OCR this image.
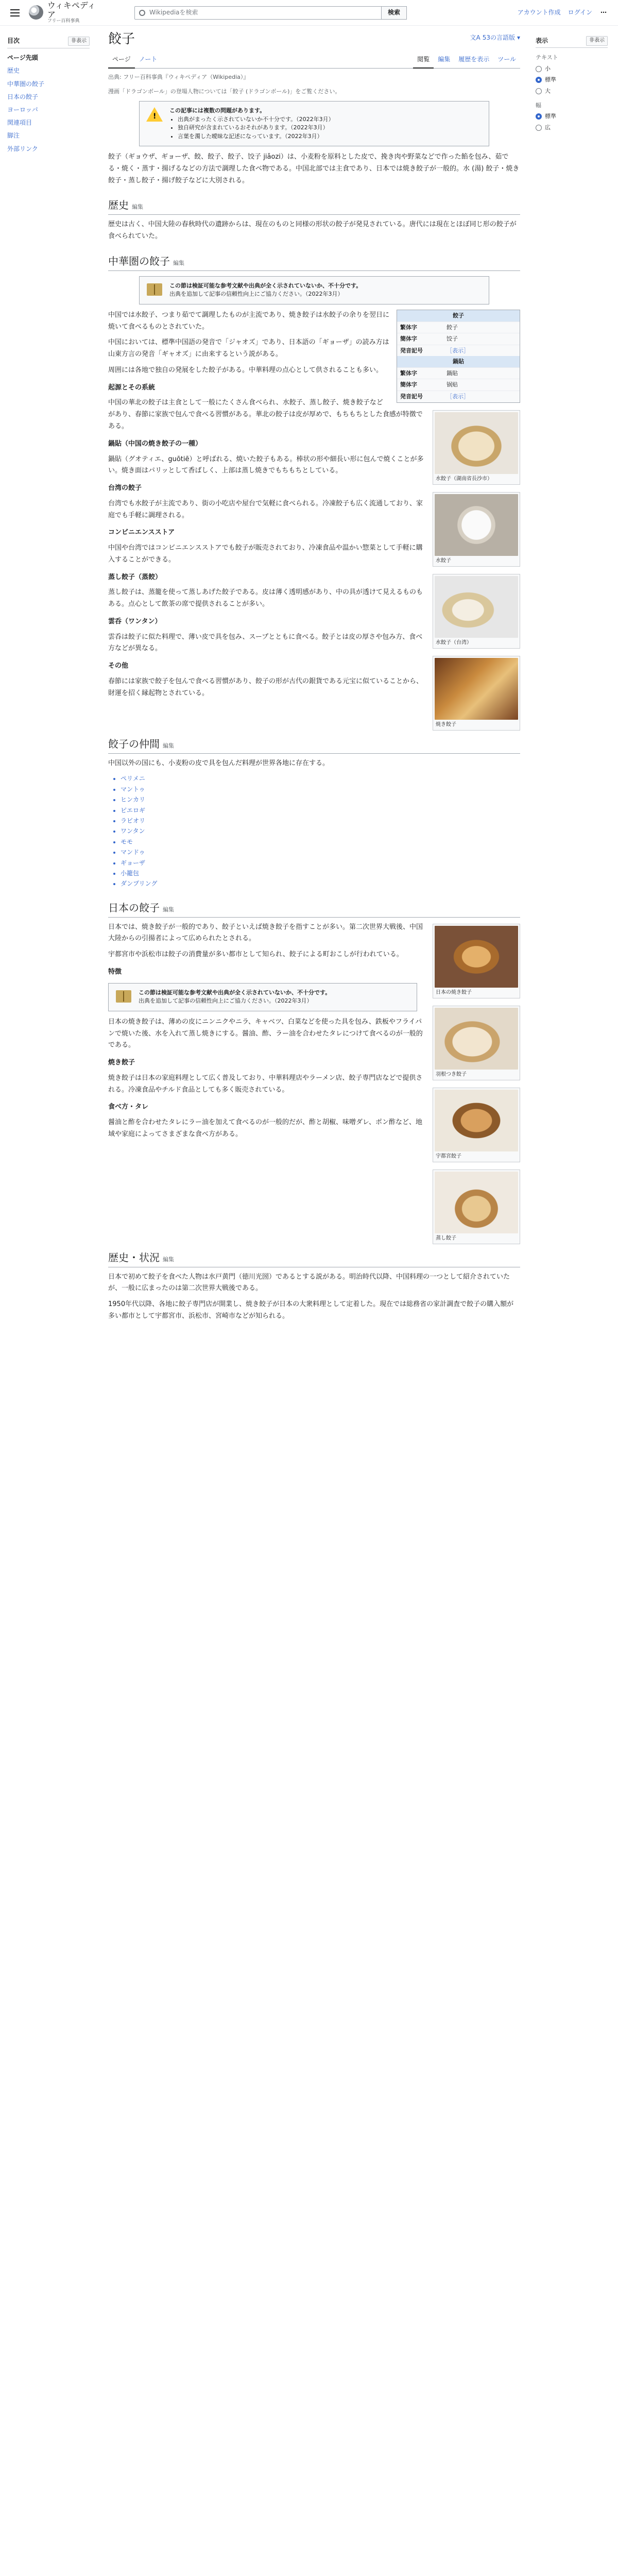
ウィキペディア
フリー百科事典
Wikipediaを検索	検索	アカウント作成 ログイン ⋯
目次	非表示
ページ先頭
歴史
中華圏の餃子
日本の餃子
ヨーロッパ
関連項目
脚注
外部リンク
餃子	文A 53の言語版 ▾
ページ	ノート	閲覧	編集	履歴を表示	ツール
出典: フリー百科事典『ウィキペディア（Wikipedia）』
漫画「ドラゴンボール」の登場人物については「餃子 (ドラゴンボール)」をご覧ください。
!
この記事には複数の問題があります。
• 出典がまったく示されていないか不十分です。（2022年3月）
• 独自研究が含まれているおそれがあります。（2022年3月）
• 言葉を濁した曖昧な記述になっています。（2022年3月）

餃子（ギョウザ、ギョーザ、餃、餃子、餃子、饺子 jiǎozi）は、小麦粉を原料とした皮で、挽き肉や野菜などで作った餡を包み、茹でる・焼く・蒸す・揚げるなどの方法で調理した食べ物である。中国北部では主食であり、日本では焼き餃子が一般的。水 (湯) 餃子・焼き餃子・蒸し餃子・揚げ餃子などに大別される。

歴史 編集

歴史は古く、中国大陸の春秋時代の遺跡からは、現在のものと同様の形状の餃子が発見されている。唐代には現在とほぼ同じ形の餃子が食べられていた。

中華圏の餃子 編集
この節は検証可能な参考文献や出典が全く示されていないか、不十分です。
出典を追加して記事の信頼性向上にご協力ください。（2022年3月）
餃子
繁体字	餃子
簡体字	饺子
発音記号	［表示］
鍋貼
繁体字	鍋貼
簡体字	锅贴
発音記号	［表示］

中国では水餃子、つまり茹でて調理したものが主流であり、焼き餃子は水餃子の余りを翌日に焼いて食べるものとされていた。

水餃子（湖南省長沙市）

中国においては、標準中国語の発音で「ジャオズ」であり、日本語の「ギョーザ」の読み方は山東方言の発音「ギャオズ」に由来するという説がある。

周囲には各地で独自の発展をした餃子がある。中華料理の点心として供されることも多い。

起源とその系統

中国の華北の餃子は主食として一般にたくさん食べられ、水餃子、蒸し餃子、焼き餃子などがあり、春節に家族で包んで食べる習慣がある。華北の餃子は皮が厚めで、もちもちとした食感が特徴である。

水餃子
鍋貼（中国の焼き餃子の一種）

鍋貼（グオティエ、guōtiē）と呼ばれる、焼いた餃子もある。棒状の形や細長い形に包んで焼くことが多い。焼き面はパリッとして香ばしく、上部は蒸し焼きでもちもちとしている。

水餃子（台湾）
台湾の餃子

台湾でも水餃子が主流であり、街の小吃店や屋台で気軽に食べられる。冷凍餃子も広く流通しており、家庭でも手軽に調理される。

焼き餃子
コンビニエンスストア

中国や台湾ではコンビニエンスストアでも餃子が販売されており、冷凍食品や温かい惣菜として手軽に購入することができる。

蒸し餃子（蒸餃）

蒸し餃子は、蒸籠を使って蒸しあげた餃子である。皮は薄く透明感があり、中の具が透けて見えるものもある。点心として飲茶の席で提供されることが多い。

雲呑（ワンタン）

雲呑は餃子に似た料理で、薄い皮で具を包み、スープとともに食べる。餃子とは皮の厚さや包み方、食べ方などが異なる。

その他

春節には家族で餃子を包んで食べる習慣があり、餃子の形が古代の銀貨である元宝に似ていることから、財運を招く縁起物とされている。

餃子の仲間 編集

中国以外の国にも、小麦粉の皮で具を包んだ料理が世界各地に存在する。

• ペリメニ
• マントゥ
• ヒンカリ
• ピエロギ
• ラビオリ
• ワンタン
• モモ
• マンドゥ
• ギョーザ
• 小籠包
• ダンプリング
日本の餃子 編集
日本の焼き餃子

日本では、焼き餃子が一般的であり、餃子といえば焼き餃子を指すことが多い。第二次世界大戦後、中国大陸からの引揚者によって広められたとされる。

宇都宮市や浜松市は餃子の消費量が多い都市として知られ、餃子による町おこしが行われている。

羽根つき餃子
特徴
この節は検証可能な参考文献や出典が全く示されていないか、不十分です。
出典を追加して記事の信頼性向上にご協力ください。（2022年3月）

日本の焼き餃子は、薄めの皮にニンニクやニラ、キャベツ、白菜などを使った具を包み、鉄板やフライパンで焼いた後、水を入れて蒸し焼きにする。醤油、酢、ラー油を合わせたタレにつけて食べるのが一般的である。

宇都宮餃子
焼き餃子

焼き餃子は日本の家庭料理として広く普及しており、中華料理店やラーメン店、餃子専門店などで提供される。冷凍食品やチルド食品としても多く販売されている。

蒸し餃子
食べ方・タレ

醤油と酢を合わせたタレにラー油を加えて食べるのが一般的だが、酢と胡椒、味噌ダレ、ポン酢など、地域や家庭によってさまざまな食べ方がある。

歴史・状況 編集

日本で初めて餃子を食べた人物は水戸黄門（徳川光圀）であるとする説がある。明治時代以降、中国料理の一つとして紹介されていたが、一般に広まったのは第二次世界大戦後である。

1950年代以降、各地に餃子専門店が開業し、焼き餃子が日本の大衆料理として定着した。現在では総務省の家計調査で餃子の購入額が多い都市として宇都宮市、浜松市、宮崎市などが知られる。

表示	非表示
テキスト
小
標準
大
幅
標準
広
